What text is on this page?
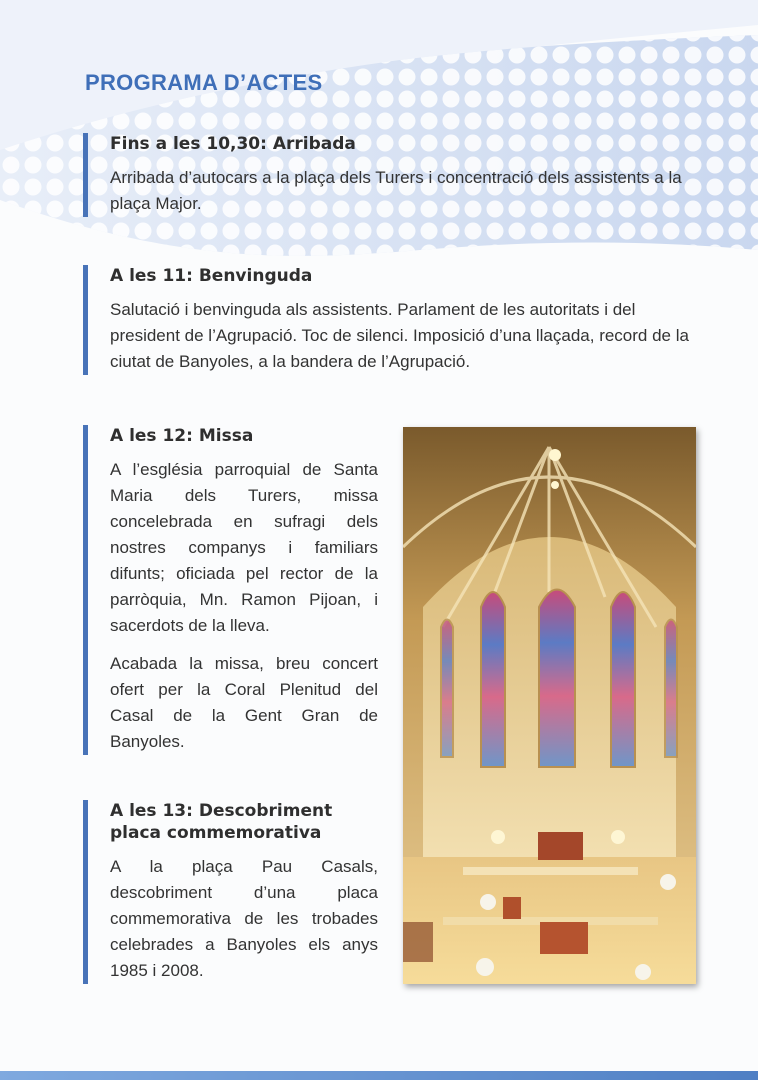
PROGRAMA D’ACTES
Fins a les 10,30: Arribada

Arribada d’autocars a la plaça dels Turers i concentració dels assistents a la plaça Major.

A les 11: Benvinguda

Salutació i benvinguda als assistents. Parlament de les autoritats i del president de l’Agrupació. Toc de silenci. Imposició d’una llaçada, record de la ciutat de Banyoles, a la bandera de l’Agrupació.

A les 12: Missa

A l’església parroquial de Santa Maria dels Turers, missa concelebrada en sufragi dels nostres companys i familiars difunts; oficiada pel rector de la parròquia, Mn. Ramon Pijoan, i sacerdots de la lleva.

Acabada la missa, breu concert ofert per la Coral Plenitud del Casal de la Gent Gran de Banyoles.

A les 13: Descobriment placa commemorativa

A la plaça Pau Casals, descobriment d’una placa commemorativa de les trobades celebrades a Banyoles els anys 1985 i 2008.
